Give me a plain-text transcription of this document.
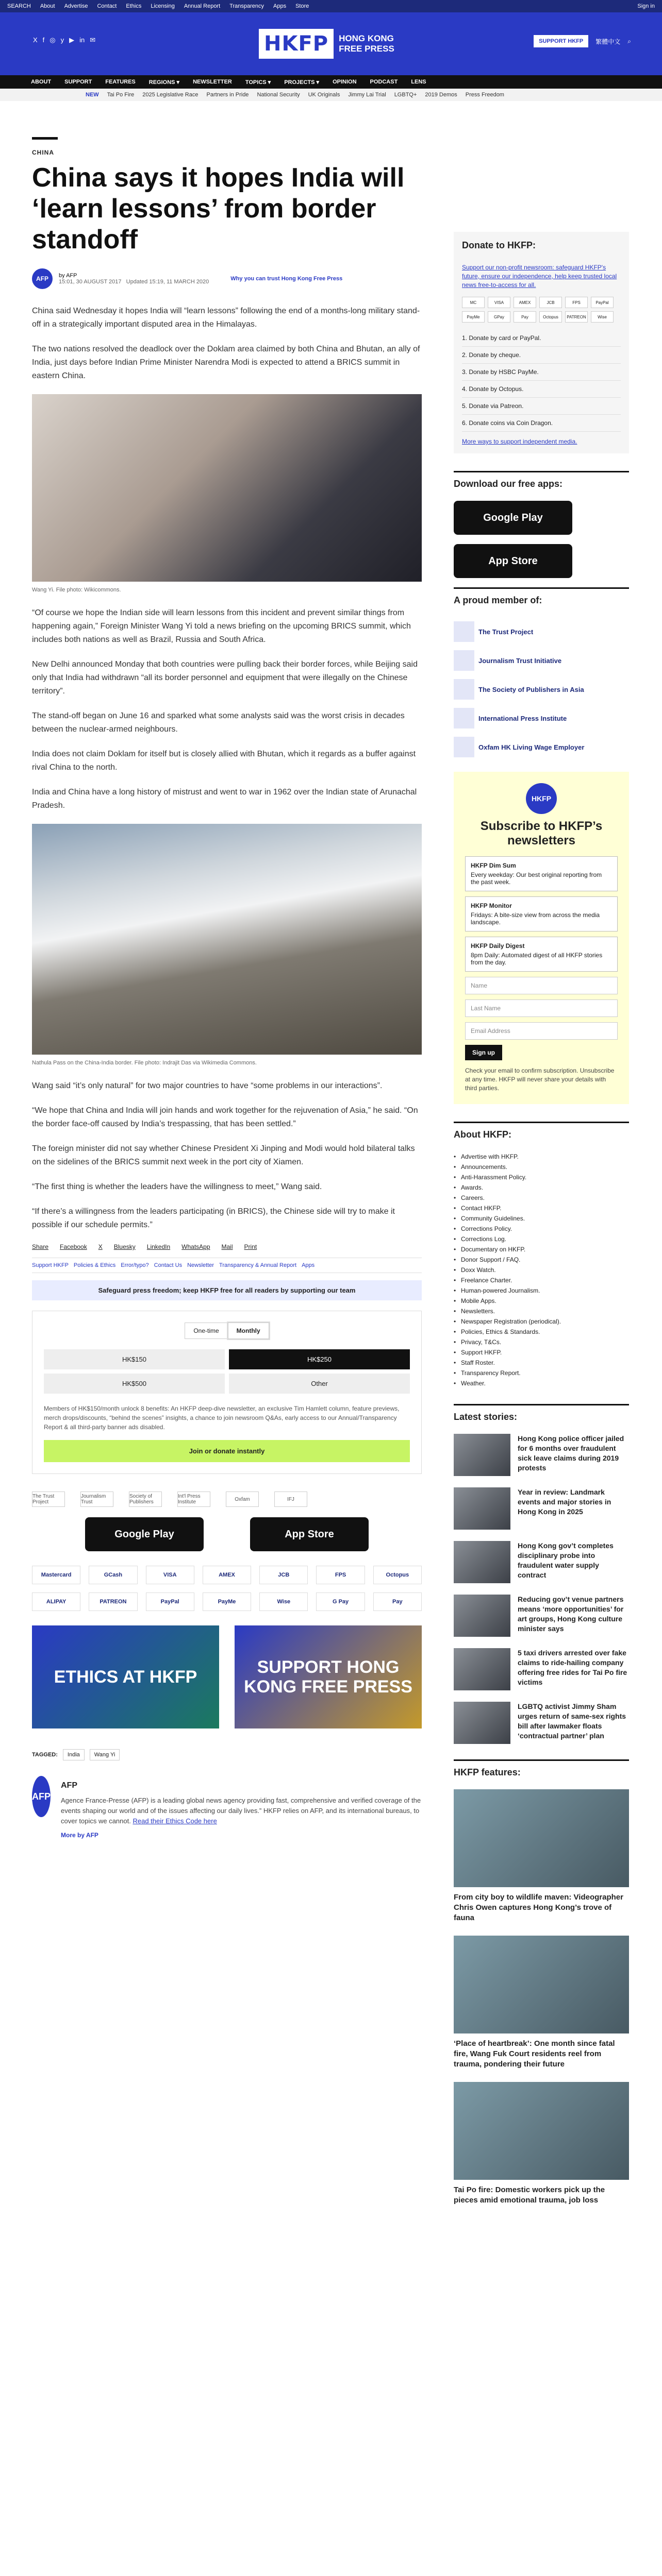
SEARCH About Advertise Contact Ethics Licensing Annual Report Transparency Apps Store	Sign in
X f ◎ y ▶ in ✉	HKFP	HONG KONG
FREE PRESS
SUPPORT HKFP	繁體中文 ⌕
ABOUT SUPPORT FEATURES REGIONS ▾ NEWSLETTER TOPICS ▾ PROJECTS ▾ OPINION PODCAST LENS
NEW Tai Po Fire 2025 Legislative Race Partners in Pride National Security UK Originals Jimmy Lai Trial LGBTQ+ 2019 Demos Press Freedom
CHINA
China says it hopes India will ‘learn lessons’ from border standoff
AFP	by AFP
15:01, 30 AUGUST 2017 Updated 15:19, 11 MARCH 2020	Why you can trust Hong Kong Free Press

China said Wednesday it hopes India will “learn lessons” following the end of a months-long military stand-off in a strategically important disputed area in the Himalayas.

The two nations resolved the deadlock over the Doklam area claimed by both China and Bhutan, an ally of India, just days before Indian Prime Minister Narendra Modi is expected to attend a BRICS summit in eastern China.

Wang Yi. File photo: Wikicommons.

“Of course we hope the Indian side will learn lessons from this incident and prevent similar things from happening again,” Foreign Minister Wang Yi told a news briefing on the upcoming BRICS summit, which includes both nations as well as Brazil, Russia and South Africa.

New Delhi announced Monday that both countries were pulling back their border forces, while Beijing said only that India had withdrawn “all its border personnel and equipment that were illegally on the Chinese territory”.

The stand-off began on June 16 and sparked what some analysts said was the worst crisis in decades between the nuclear-armed neighbours.

India does not claim Doklam for itself but is closely allied with Bhutan, which it regards as a buffer against rival China to the north.

India and China have a long history of mistrust and went to war in 1962 over the Indian state of Arunachal Pradesh.

Nathula Pass on the China-India border. File photo: Indrajit Das via Wikimedia Commons.

Wang said “it’s only natural” for two major countries to have “some problems in our interactions”.

“We hope that China and India will join hands and work together for the rejuvenation of Asia,” he said. “On the border face-off caused by India’s trespassing, that has been settled.”

The foreign minister did not say whether Chinese President Xi Jinping and Modi would hold bilateral talks on the sidelines of the BRICS summit next week in the port city of Xiamen.

“The first thing is whether the leaders have the willingness to meet,” Wang said.

“If there’s a willingness from the leaders participating (in BRICS), the Chinese side will try to make it possible if our schedule permits.”

Share Facebook X Bluesky LinkedIn WhatsApp Mail Print
Support HKFP Policies & Ethics Error/typo? Contact Us Newsletter Transparency & Annual Report Apps
Safeguard press freedom; keep HKFP free for all readers by supporting our team
One-time	Monthly
HK$150	HK$250
HK$500	Other
Members of HK$150/month unlock 8 benefits: An HKFP deep-dive newsletter, an exclusive Tim Hamlett column, feature previews, merch drops/discounts, “behind the scenes” insights, a chance to join newsroom Q&As, early access to our Annual/Transparency Report & all third-party banner ads disabled.
Join or donate instantly
The Trust Project
Journalism Trust
Society of Publishers
Int'l Press Institute	Oxfam	IFJ
Google Play	App Store
Mastercard	GCash	VISA	AMEX	JCB	FPS	Octopus
ALIPAY	PATREON	PayPal	PayMe	Wise	G Pay	Pay
ETHICS AT HKFP	SUPPORT HONG KONG FREE PRESS
TAGGED:	India	Wang Yi
AFP
AFP

Agence France-Presse (AFP) is a leading global news agency providing fast, comprehensive and verified coverage of the events shaping our world and of the issues affecting our daily lives.” HKFP relies on AFP, and its international bureaus, to cover topics we cannot. Read their Ethics Code here

More by AFP
Donate to HKFP:
Support our non-profit newsroom: safeguard HKFP's future, ensure our independence, help keep trusted local news free-to-access for all.
MC	VISA	AMEX	JCB	FPS	PayPal
PayMe	GPay	Pay	Octopus	PATREON	Wise
1. Donate by card or PayPal.
2. Donate by cheque.
3. Donate by HSBC PayMe.
4. Donate by Octopus.
5. Donate via Patreon.
6. Donate coins via Coin Dragon.
More ways to support independent media.
Download our free apps:
Google Play
App Store
A proud member of:
The Trust Project
Journalism Trust Initiative
The Society of Publishers in Asia
International Press Institute
Oxfam HK Living Wage Employer
HKFP
Subscribe to HKFP’s newsletters
HKFP Dim Sum
Every weekday: Our best original reporting from the past week.
HKFP Monitor
Fridays: A bite-size view from across the media landscape.
HKFP Daily Digest
8pm Daily: Automated digest of all HKFP stories from the day.
Name
Last Name
Email Address
Sign up
Check your email to confirm subscription. Unsubscribe at any time. HKFP will never share your details with third parties.
About HKFP:
• Advertise with HKFP.
• Announcements.
• Anti-Harassment Policy.
• Awards.
• Careers.
• Contact HKFP.
• Community Guidelines.
• Corrections Policy.
• Corrections Log.
• Documentary on HKFP.
• Donor Support / FAQ.
• Doxx Watch.
• Freelance Charter.
• Human-powered Journalism.
• Mobile Apps.
• Newsletters.
• Newspaper Registration (periodical).
• Policies, Ethics & Standards.
• Privacy, T&Cs.
• Support HKFP.
• Staff Roster.
• Transparency Report.
• Weather.
Latest stories:
Hong Kong police officer jailed for 6 months over fraudulent sick leave claims during 2019 protests
Year in review: Landmark events and major stories in Hong Kong in 2025
Hong Kong gov’t completes disciplinary probe into fraudulent water supply contract
Reducing gov’t venue partners means ‘more opportunities’ for art groups, Hong Kong culture minister says
5 taxi drivers arrested over fake claims to ride-hailing company offering free rides for Tai Po fire victims
LGBTQ activist Jimmy Sham urges return of same-sex rights bill after lawmaker floats ‘contractual partner’ plan
HKFP features:
From city boy to wildlife maven: Videographer Chris Owen captures Hong Kong’s trove of fauna
‘Place of heartbreak’: One month since fatal fire, Wang Fuk Court residents reel from trauma, pondering their future
Tai Po fire: Domestic workers pick up the pieces amid emotional trauma, job loss
